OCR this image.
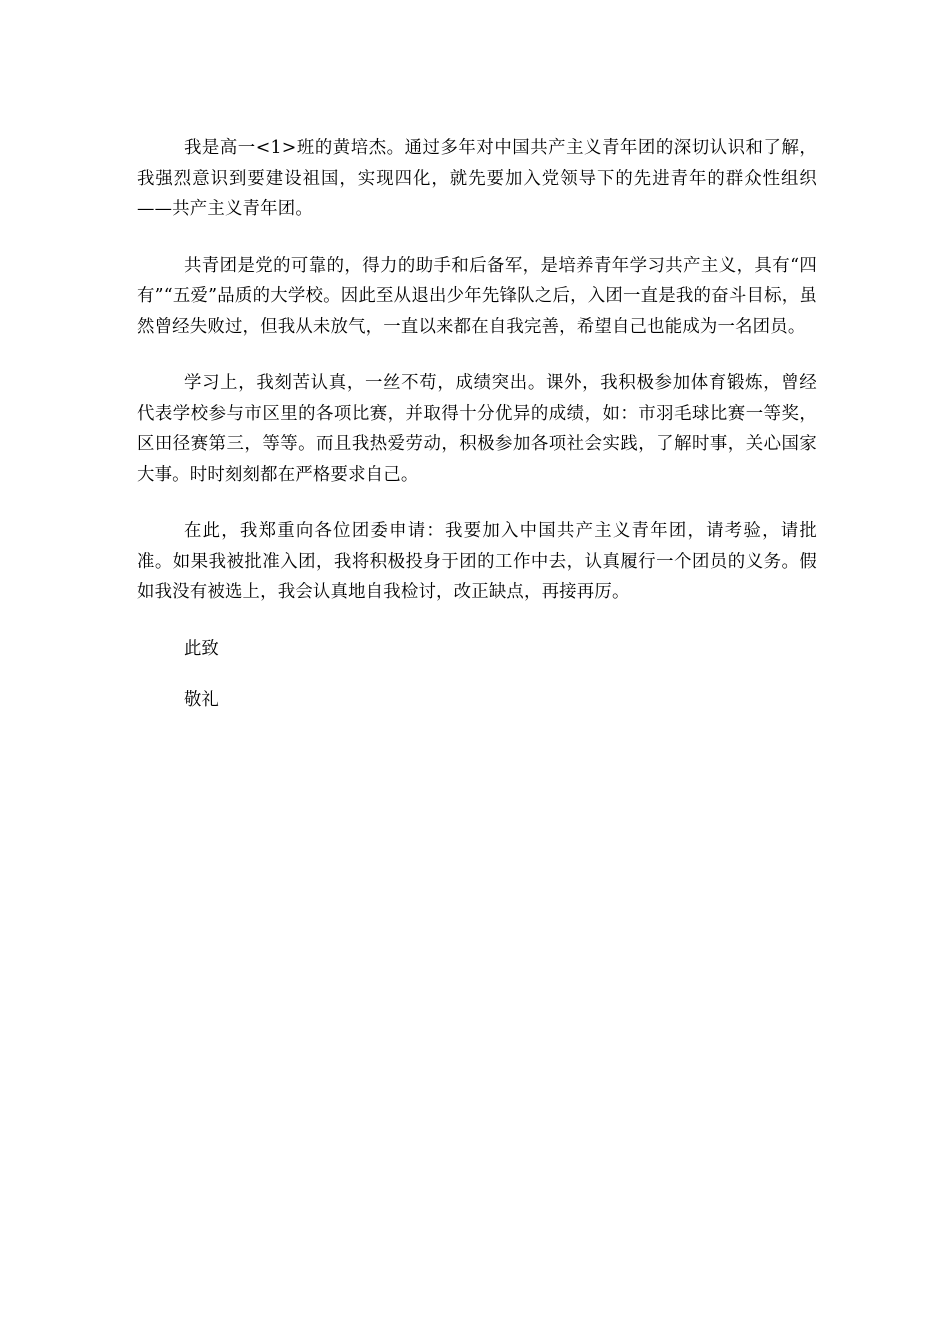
我是高一<1>班的黄培杰。通过多年对中国共产主义青年团的深切认识和了解，我强烈意识到要建设祖国，实现四化，就先要加入党领导下的先进青年的群众性组织——共产主义青年团。

共青团是党的可靠的，得力的助手和后备军，是培养青年学习共产主义，具有“四有”“五爱”品质的大学校。因此至从退出少年先锋队之后，入团一直是我的奋斗目标，虽然曾经失败过，但我从未放气，一直以来都在自我完善，希望自己也能成为一名团员。

学习上，我刻苦认真，一丝不苟，成绩突出。课外，我积极参加体育锻炼，曾经代表学校参与市区里的各项比赛，并取得十分优异的成绩，如：市羽毛球比赛一等奖，区田径赛第三，等等。而且我热爱劳动，积极参加各项社会实践，了解时事，关心国家大事。时时刻刻都在严格要求自己。

在此，我郑重向各位团委申请：我要加入中国共产主义青年团，请考验，请批准。如果我被批准入团，我将积极投身于团的工作中去，认真履行一个团员的义务。假如我没有被选上，我会认真地自我检讨，改正缺点，再接再厉。

此致

敬礼
